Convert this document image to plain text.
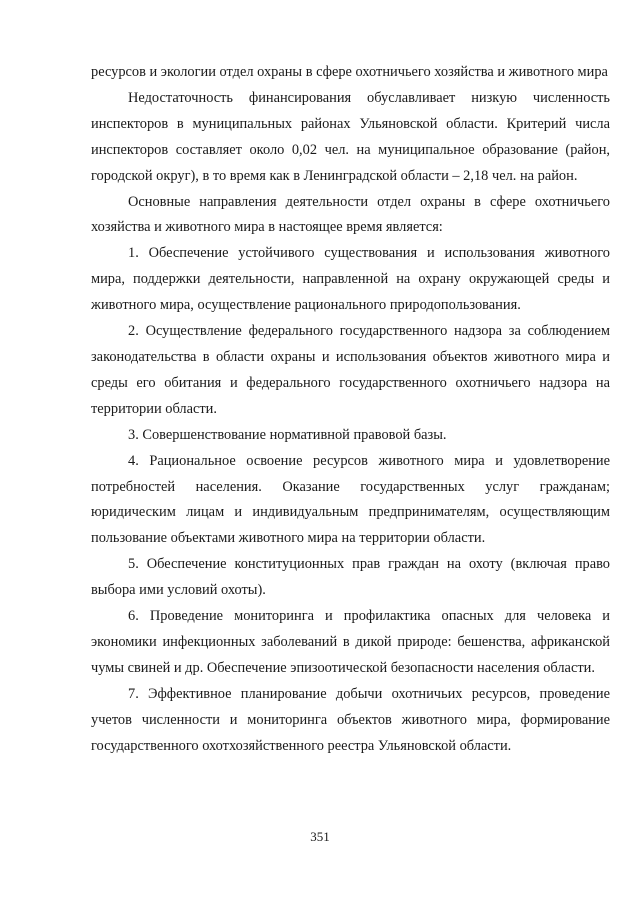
ресурсов и экологии отдел охраны в сфере охотничьего хозяйства и животного мира

Недостаточность финансирования обуславливает низкую численность инспекторов в муниципальных районах Ульяновской области. Критерий числа инспекторов составляет около 0,02 чел. на муниципальное образование (район, городской округ), в то время как в Ленинградской области – 2,18 чел. на район.

Основные направления деятельности отдел охраны в сфере охотничьего хозяйства и животного мира в настоящее время является:

1. Обеспечение устойчивого существования и использования животного мира, поддержки деятельности, направленной на охрану окружающей среды и животного мира, осуществление рационального природопользования.

2. Осуществление федерального государственного надзора за соблюдением законодательства в области охраны и использования объектов животного мира и среды его обитания и федерального государственного охотничьего надзора на территории области.

3. Совершенствование нормативной правовой базы.

4. Рациональное освоение ресурсов животного мира и удовлетворение потребностей населения. Оказание государственных услуг гражданам; юридическим лицам и индивидуальным предпринимателям, осуществляющим пользование объектами животного мира на территории области.

5. Обеспечение конституционных прав граждан на охоту (включая право выбора ими условий охоты).

6. Проведение мониторинга и профилактика опасных для человека и экономики инфекционных заболеваний в дикой природе: бешенства, африканской чумы свиней и др. Обеспечение эпизоотической безопасности населения области.

7. Эффективное планирование добычи охотничьих ресурсов, проведение учетов численности и мониторинга объектов животного мира, формирование государственного охотхозяйственного реестра Ульяновской области.

351
